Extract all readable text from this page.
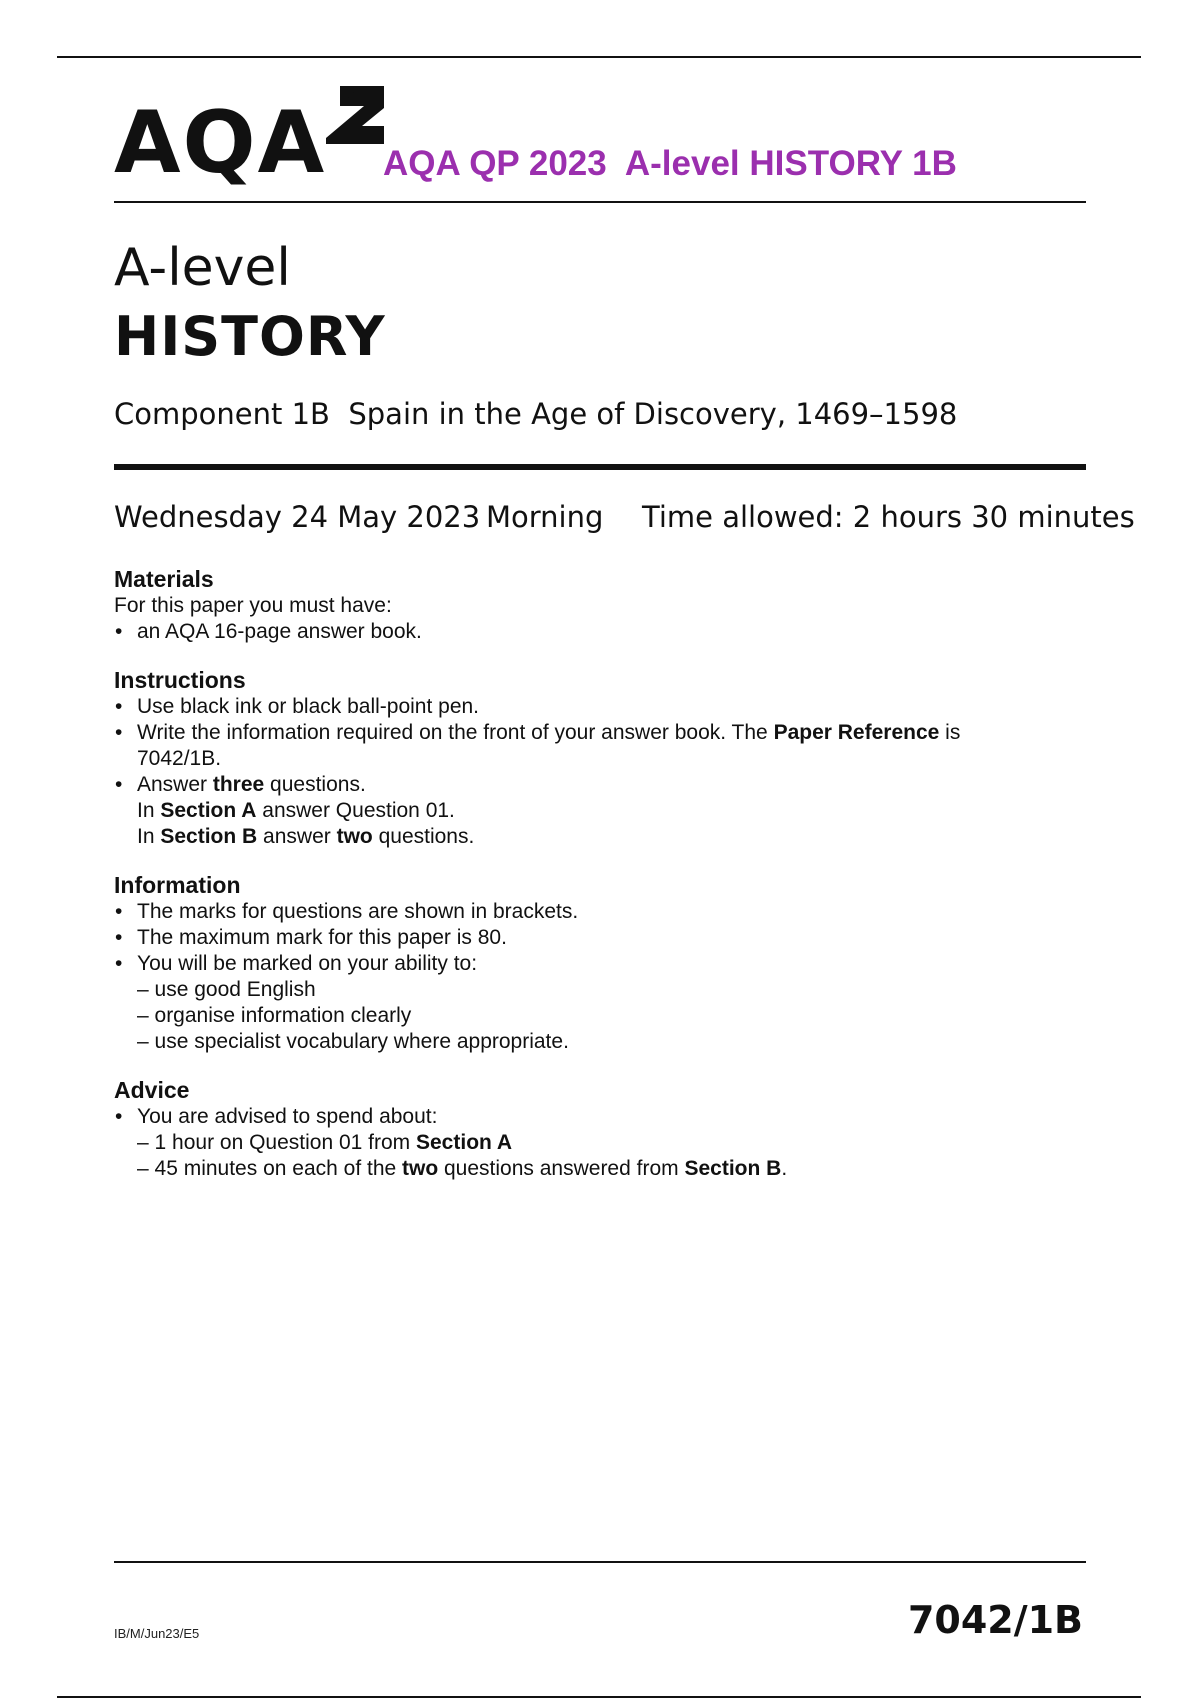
AQA AQA QP 2023  A-level HISTORY 1B
A-level
HISTORY
Component 1B  Spain in the Age of Discovery, 1469–1598
Wednesday 24 May 2023 Morning Time allowed: 2 hours 30 minutes
Materials
For this paper you must have:
• an AQA 16-page answer book.
Instructions
• Use black ink or black ball-point pen.
• Write the information required on the front of your answer book. The Paper Reference is
7042/1B.
• Answer three questions.
In Section A answer Question 01.
In Section B answer two questions.
Information
• The marks for questions are shown in brackets.
• The maximum mark for this paper is 80.
• You will be marked on your ability to:
– use good English
– organise information clearly
– use specialist vocabulary where appropriate.
Advice
• You are advised to spend about:
– 1 hour on Question 01 from Section A
– 45 minutes on each of the two questions answered from Section B.
IB/M/Jun23/E5	7042/1B
